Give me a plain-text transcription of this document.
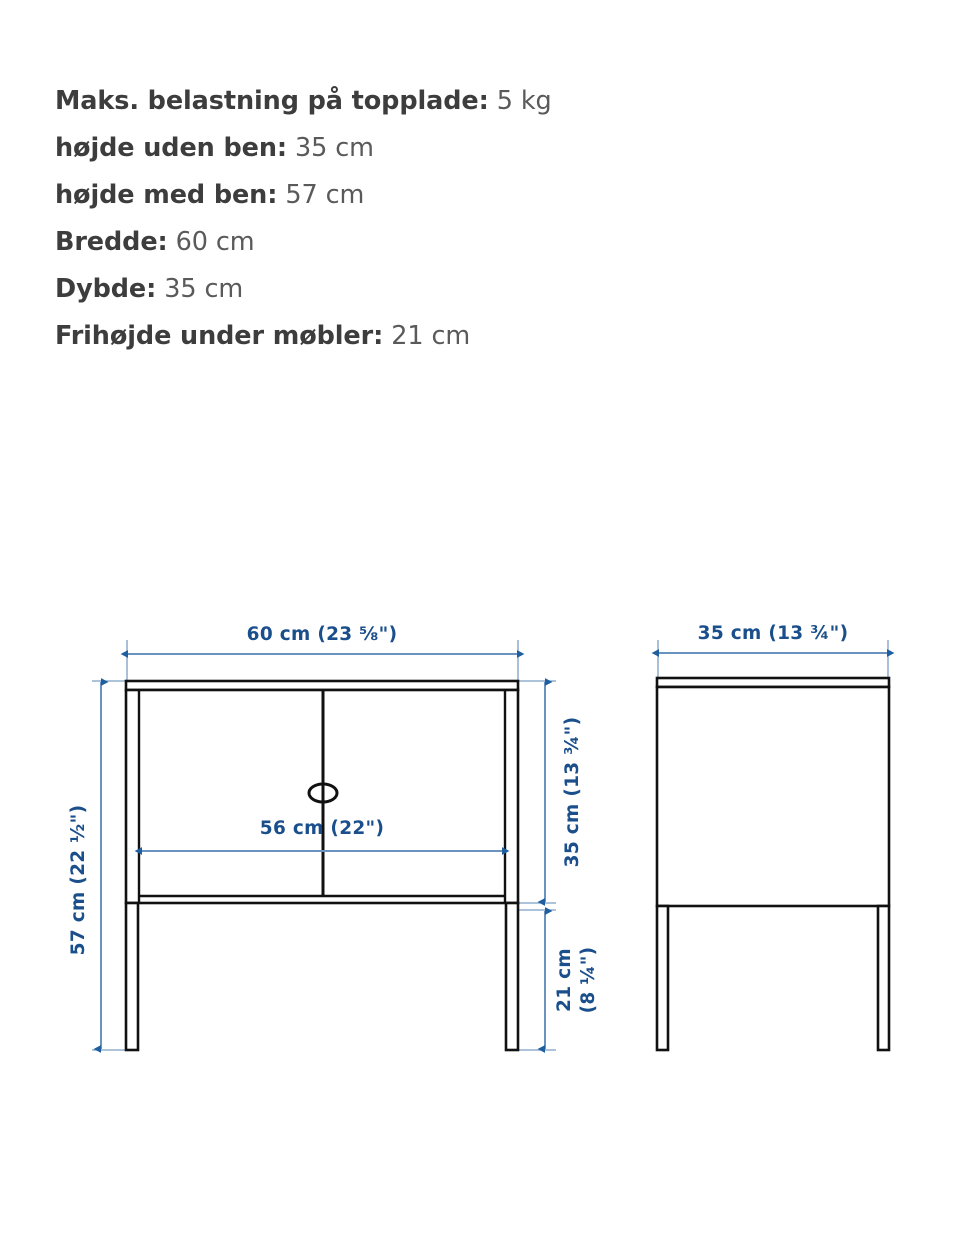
Maks. belastning på topplade: 5 kg
højde uden ben: 35 cm
højde med ben: 57 cm
Bredde: 60 cm
Dybde: 35 cm
Frihøjde under møbler: 21 cm
60 cm (23 ⅝")
57 cm (22 ½")
35 cm (13 ¾")
21 cm (8 ¼")
56 cm (22")
35 cm (13 ¾")
